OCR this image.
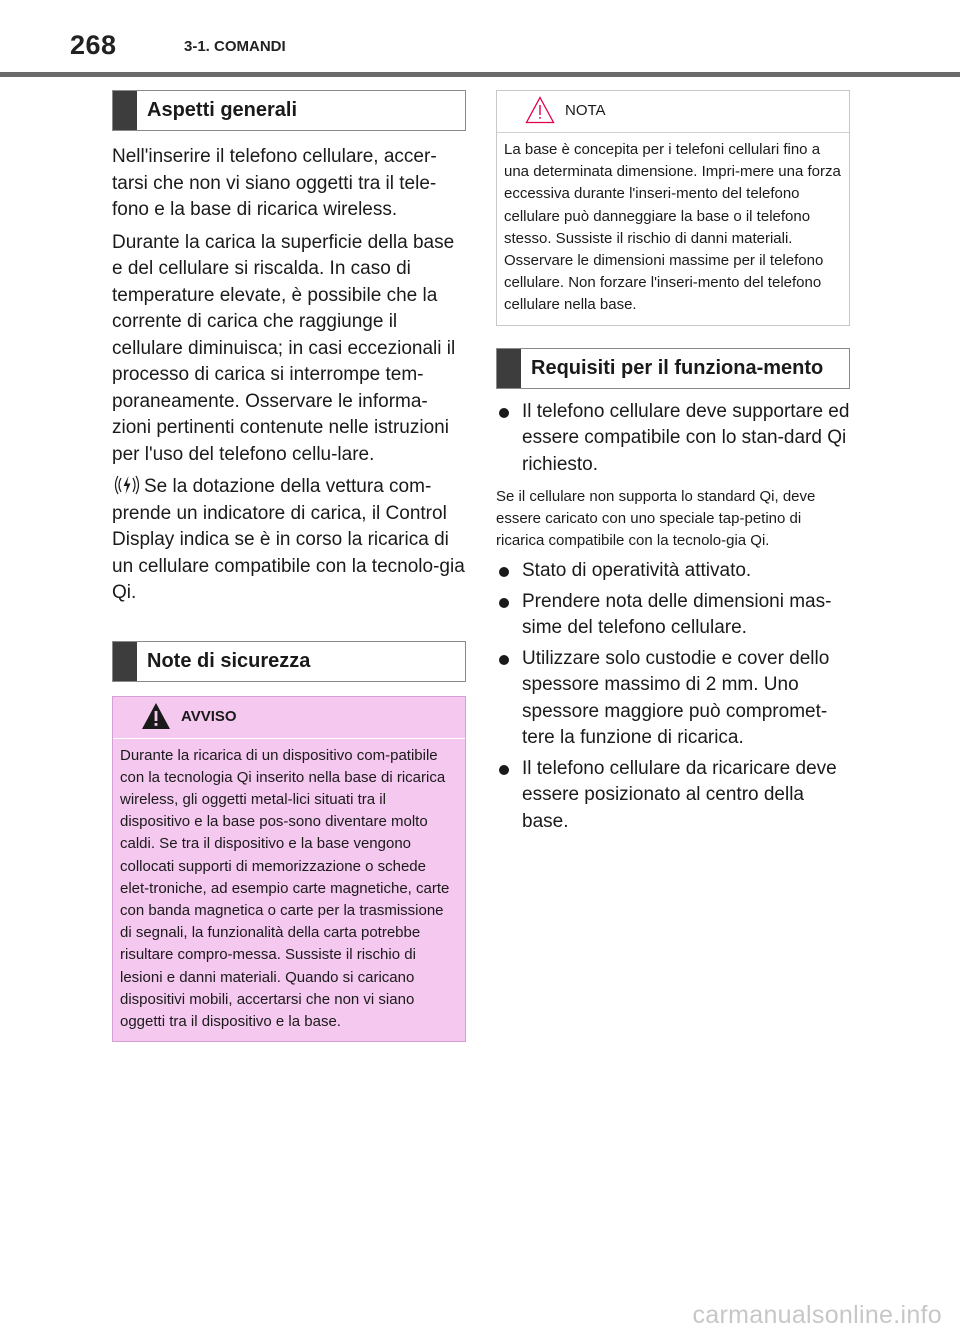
268	3-1. COMANDI
Aspetti generali

Nell'inserire il telefono cellulare, accer-tarsi che non vi siano oggetti tra il tele-fono e la base di ricarica wireless.

Durante la carica la superficie della base e del cellulare si riscalda. In caso di temperature elevate, è possibile che la corrente di carica che raggiunge il cellulare diminuisca; in casi eccezionali il processo di carica si interrompe tem-poraneamente. Osservare le informa-zioni pertinenti contenute nelle istruzioni per l'uso del telefono cellu-lare.

Se la dotazione della vettura com-prende un indicatore di carica, il Control Display indica se è in corso la ricarica di un cellulare compatibile con la tecnolo-gia Qi.

Note di sicurezza
AVVISO
Durante la ricarica di un dispositivo com-patibile con la tecnologia Qi inserito nella base di ricarica wireless, gli oggetti metal-lici situati tra il dispositivo e la base pos-sono diventare molto caldi. Se tra il dispositivo e la base vengono collocati supporti di memorizzazione o schede elet-troniche, ad esempio carte magnetiche, carte con banda magnetica o carte per la trasmissione di segnali, la funzionalità della carta potrebbe risultare compro-messa. Sussiste il rischio di lesioni e danni materiali. Quando si caricano dispositivi mobili, accertarsi che non vi siano oggetti tra il dispositivo e la base.
NOTA
La base è concepita per i telefoni cellulari fino a una determinata dimensione. Impri-mere una forza eccessiva durante l'inseri-mento del telefono cellulare può danneggiare la base o il telefono stesso. Sussiste il rischio di danni materiali. Osservare le dimensioni massime per il telefono cellulare. Non forzare l'inseri-mento del telefono cellulare nella base.
Requisiti per il funziona-mento
Il telefono cellulare deve supportare ed essere compatibile con lo stan-dard Qi richiesto.

Se il cellulare non supporta lo standard Qi, deve essere caricato con uno speciale tap-petino di ricarica compatibile con la tecnolo-gia Qi.

Stato di operatività attivato.
Prendere nota delle dimensioni mas-sime del telefono cellulare.
Utilizzare solo custodie e cover dello spessore massimo di 2 mm. Uno spessore maggiore può compromet-tere la funzione di ricarica.
Il telefono cellulare da ricaricare deve essere posizionato al centro della base.
carmanualsonline.info
